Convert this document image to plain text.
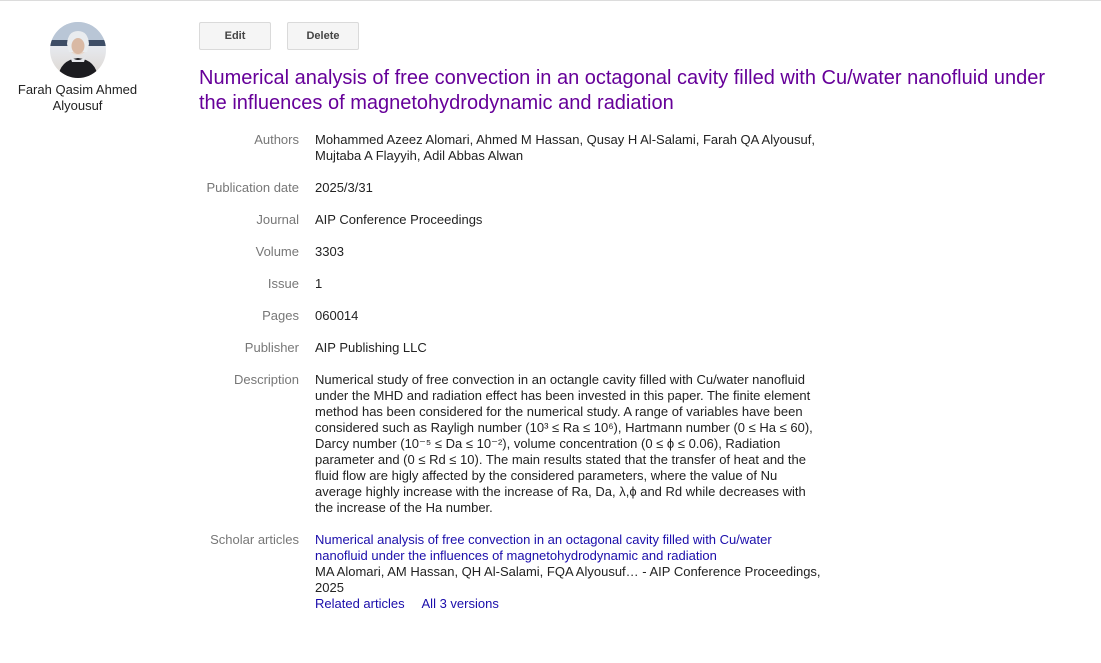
Farah Qasim Ahmed Alyousuf
Edit	Delete
Numerical analysis of free convection in an octagonal cavity filled with Cu/water nanofluid under the influences of magnetohydrodynamic and radiation
Authors Mohammed Azeez Alomari, Ahmed M Hassan, Qusay H Al-Salami, Farah QA Alyousuf, Mujtaba A Flayyih, Adil Abbas Alwan
Publication date 2025/3/31
Journal AIP Conference Proceedings
Volume 3303
Issue 1
Pages 060014
Publisher AIP Publishing LLC
Description Numerical study of free convection in an octangle cavity filled with Cu/water nanofluid under the MHD and radiation effect has been invested in this paper. The finite element method has been considered for the numerical study. A range of variables have been considered such as Rayligh number (10³ ≤ Ra ≤ 10⁶), Hartmann number (0 ≤ Ha ≤ 60), Darcy number (10⁻⁵ ≤ Da ≤ 10⁻²), volume concentration (0 ≤ ϕ ≤ 0.06), Radiation parameter and (0 ≤ Rd ≤ 10). The main results stated that the transfer of heat and the fluid flow are higly affected by the considered parameters, where the value of Nu average highly increase with the increase of Ra, Da, λ,ϕ and Rd while decreases with the increase of the Ha number.
Scholar articles Numerical analysis of free convection in an octagonal cavity filled with Cu/water nanofluid under the influences of magnetohydrodynamic and radiation
MA Alomari, AM Hassan, QH Al-Salami, FQA Alyousuf… - AIP Conference Proceedings, 2025
Related articles All 3 versions
